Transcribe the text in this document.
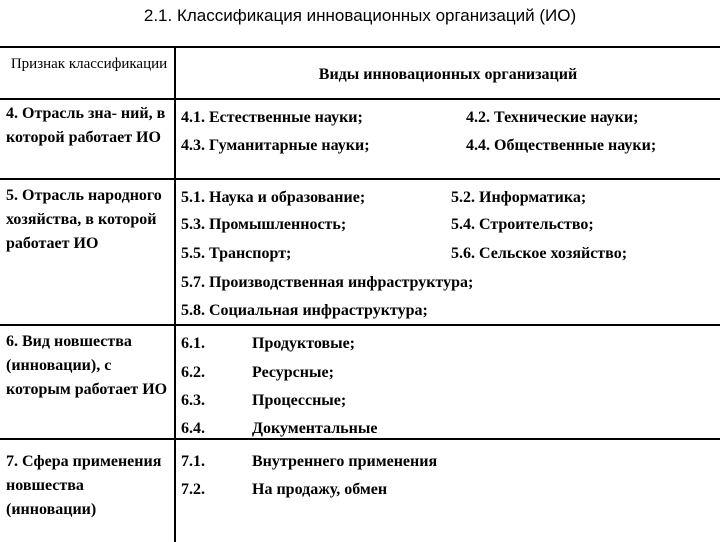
2.1. Классификация инновационных организаций (ИО)
Признак классификации
Виды инновационных организаций
4. Отрасль зна- ний, в которой работает ИО
4.1. Естественные науки;	4.2. Технические науки;
4.3. Гуманитарные науки;	4.4. Общественные науки;
5. Отрасль народного хозяйства, в которой работает ИО
5.1. Наука и образование;	5.2. Информатика;
5.3. Промышленность;	5.4. Строительство;
5.5. Транспорт;	5.6. Сельское хозяйство;
5.7. Производственная инфраструктура;
5.8. Социальная инфраструктура;
6. Вид новшества (инновации), с которым работает ИО
6.1.	Продуктовые;
6.2.	Ресурсные;
6.3.	Процессные;
6.4.	Документальные
7. Сфера применения новшества (инновации)
7.1.	Внутреннего применения
7.2.	На продажу, обмен
